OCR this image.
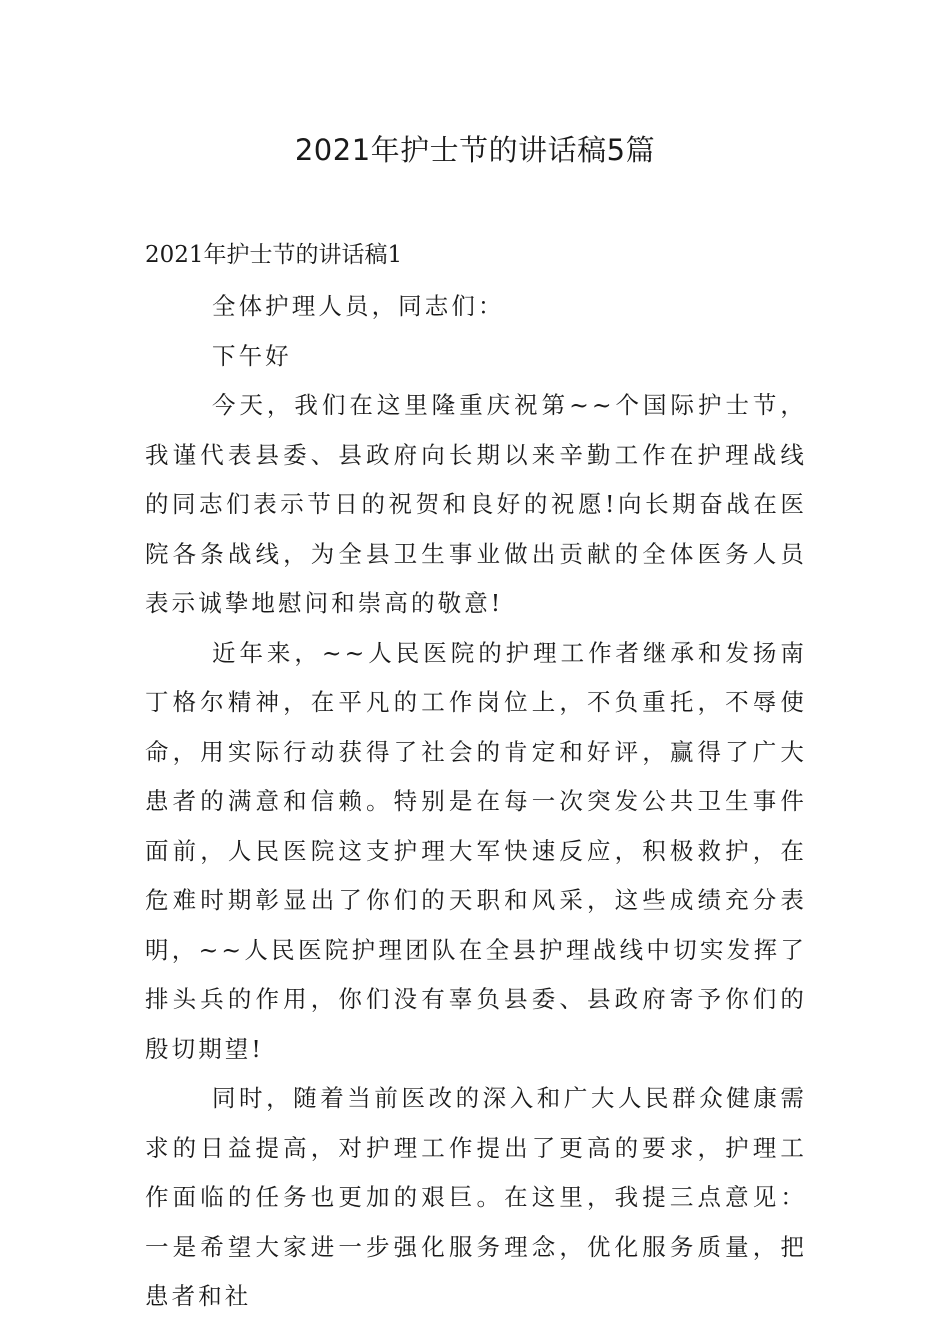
2021年护士节的讲话稿5篇
2021年护士节的讲话稿1

全体护理人员，同志们：

下午好

今天，我们在这里隆重庆祝第~~个国际护士节，我谨代表县委、县政府向长期以来辛勤工作在护理战线的同志们表示节日的祝贺和良好的祝愿!向长期奋战在医院各条战线，为全县卫生事业做出贡献的全体医务人员表示诚挚地慰问和崇高的敬意!

近年来，~~人民医院的护理工作者继承和发扬南丁格尔精神，在平凡的工作岗位上，不负重托，不辱使命，用实际行动获得了社会的肯定和好评，赢得了广大患者的满意和信赖。特别是在每一次突发公共卫生事件面前，人民医院这支护理大军快速反应，积极救护，在危难时期彰显出了你们的天职和风采，这些成绩充分表明，~~人民医院护理团队在全县护理战线中切实发挥了排头兵的作用，你们没有辜负县委、县政府寄予你们的殷切期望!

同时，随着当前医改的深入和广大人民群众健康需求的日益提高，对护理工作提出了更高的要求，护理工作面临的任务也更加的艰巨。在这里，我提三点意见：一是希望大家进一步强化服务理念，优化服务质量，把患者和社
